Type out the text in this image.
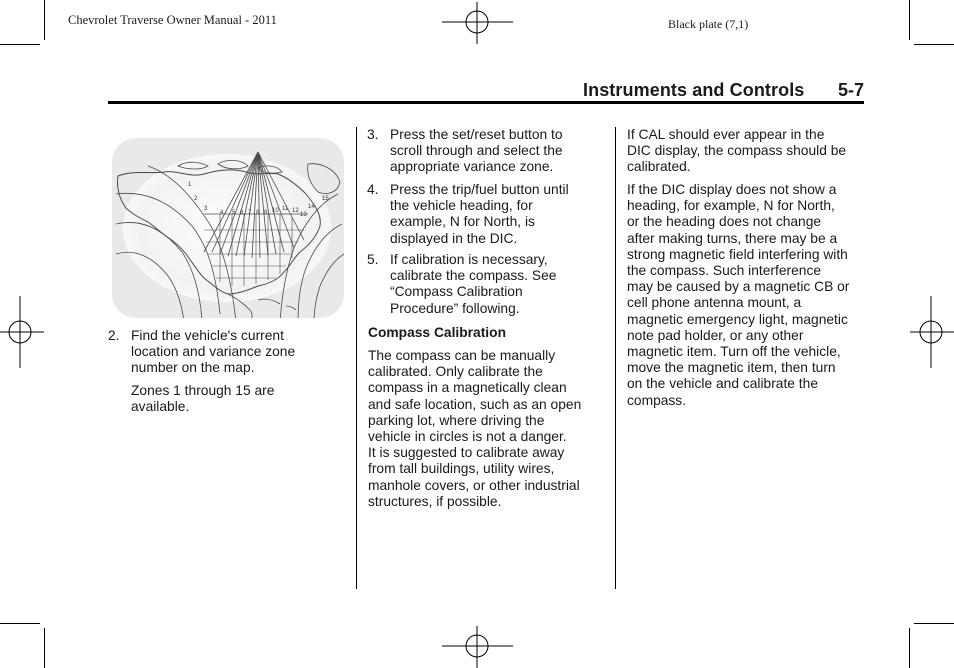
Chevrolet Traverse Owner Manual - 2011	Black plate (7,1)
Instruments and Controls 5-7
1
2
3
4 5 6 7 8 9 10 11 12
13
14
15
2. Find the vehicle's current
location and variance zone
number on the map.
Zones 1 through 15 are
available.
3. Press the set/reset button to
scroll through and select the
appropriate variance zone.
4. Press the trip/fuel button until
the vehicle heading, for
example, N for North, is
displayed in the DIC.
5. If calibration is necessary,
calibrate the compass. See
“Compass Calibration
Procedure” following.
Compass Calibration
The compass can be manually
calibrated. Only calibrate the
compass in a magnetically clean
and safe location, such as an open
parking lot, where driving the
vehicle in circles is not a danger.
It is suggested to calibrate away
from tall buildings, utility wires,
manhole covers, or other industrial
structures, if possible.
If CAL should ever appear in the
DIC display, the compass should be
calibrated.
If the DIC display does not show a
heading, for example, N for North,
or the heading does not change
after making turns, there may be a
strong magnetic field interfering with
the compass. Such interference
may be caused by a magnetic CB or
cell phone antenna mount, a
magnetic emergency light, magnetic
note pad holder, or any other
magnetic item. Turn off the vehicle,
move the magnetic item, then turn
on the vehicle and calibrate the
compass.
